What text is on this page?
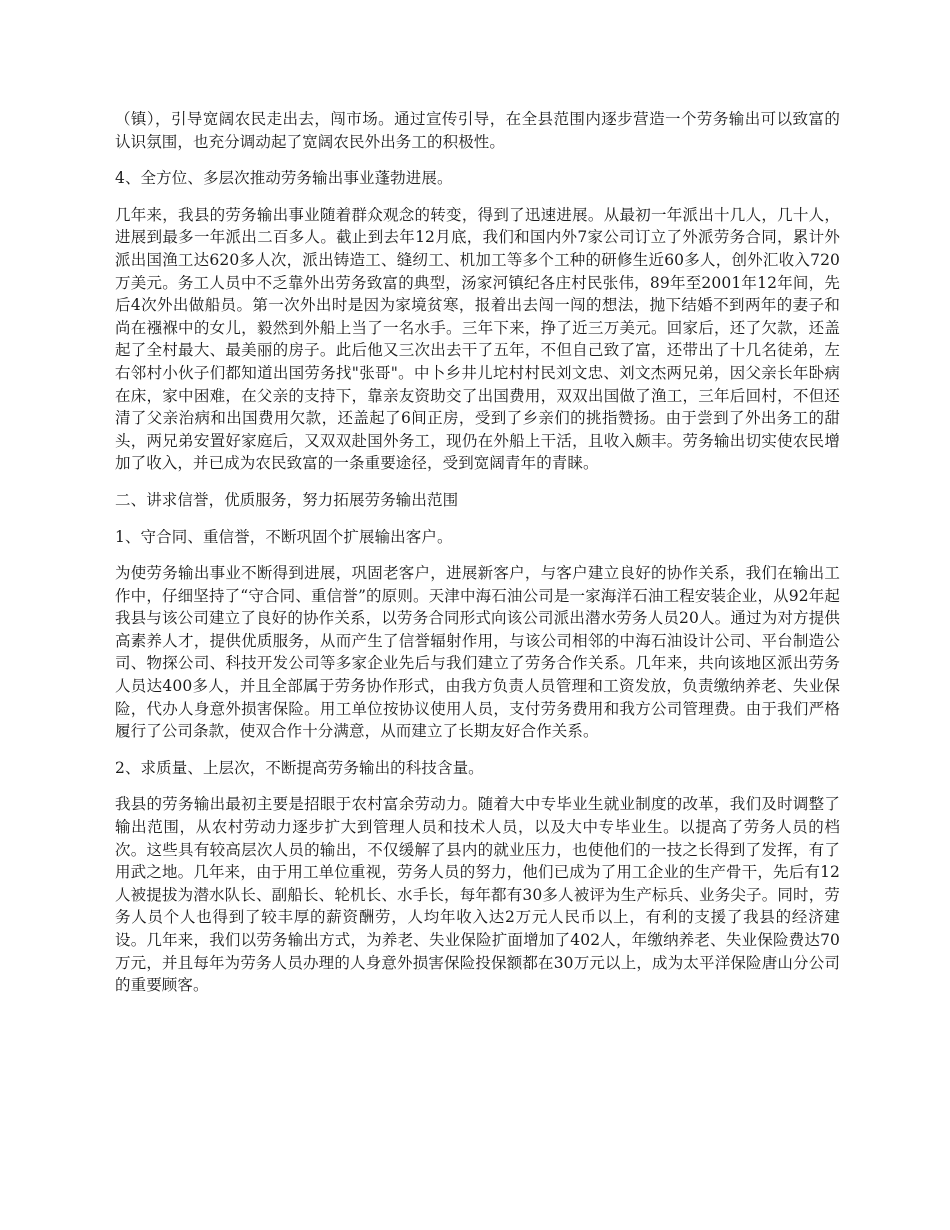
（镇），引导宽阔农民走出去，闯市场。通过宣传引导，在全县范围内逐步营造一个劳务输出可以致富的认识氛围，也充分调动起了宽阔农民外出务工的积极性。

4、全方位、多层次推动劳务输出事业蓬勃进展。

几年来，我县的劳务输出事业随着群众观念的转变，得到了迅速进展。从最初一年派出十几人，几十人，进展到最多一年派出二百多人。截止到去年12月底，我们和国内外7家公司订立了外派劳务合同，累计外派出国渔工达620多人次，派出铸造工、缝纫工、机加工等多个工种的研修生近60多人，创外汇收入720万美元。务工人员中不乏靠外出劳务致富的典型，汤家河镇纪各庄村民张伟，89年至2001年12年间，先后4次外出做船员。第一次外出时是因为家境贫寒，报着出去闯一闯的想法，抛下结婚不到两年的妻子和尚在襁褓中的女儿，毅然到外船上当了一名水手。三年下来，挣了近三万美元。回家后，还了欠款，还盖起了全村最大、最美丽的房子。此后他又三次出去干了五年，不但自己致了富，还带出了十几名徒弟，左右邻村小伙子们都知道出国劳务找"张哥"。中卜乡井儿坨村村民刘文忠、刘文杰两兄弟，因父亲长年卧病在床，家中困难，在父亲的支持下，靠亲友资助交了出国费用，双双出国做了渔工，三年后回村，不但还清了父亲治病和出国费用欠款，还盖起了6间正房，受到了乡亲们的挑指赞扬。由于尝到了外出务工的甜头，两兄弟安置好家庭后，又双双赴国外务工，现仍在外船上干活，且收入颇丰。劳务输出切实使农民增加了收入，并已成为农民致富的一条重要途径，受到宽阔青年的青睐。

二、讲求信誉，优质服务，努力拓展劳务输出范围

1、守合同、重信誉，不断巩固个扩展输出客户。

为使劳务输出事业不断得到进展，巩固老客户，进展新客户，与客户建立良好的协作关系，我们在输出工作中，仔细坚持了“守合同、重信誉”的原则。天津中海石油公司是一家海洋石油工程安装企业，从92年起我县与该公司建立了良好的协作关系，以劳务合同形式向该公司派出潜水劳务人员20人。通过为对方提供高素养人才，提供优质服务，从而产生了信誉辐射作用，与该公司相邻的中海石油设计公司、平台制造公司、物探公司、科技开发公司等多家企业先后与我们建立了劳务合作关系。几年来，共向该地区派出劳务人员达400多人，并且全部属于劳务协作形式，由我方负责人员管理和工资发放，负责缴纳养老、失业保险，代办人身意外损害保险。用工单位按协议使用人员，支付劳务费用和我方公司管理费。由于我们严格履行了公司条款，使双合作十分满意，从而建立了长期友好合作关系。

2、求质量、上层次，不断提高劳务输出的科技含量。

我县的劳务输出最初主要是招眼于农村富余劳动力。随着大中专毕业生就业制度的改革，我们及时调整了输出范围，从农村劳动力逐步扩大到管理人员和技术人员，以及大中专毕业生。以提高了劳务人员的档次。这些具有较高层次人员的输出，不仅缓解了县内的就业压力，也使他们的一技之长得到了发挥，有了用武之地。几年来，由于用工单位重视，劳务人员的努力，他们已成为了用工企业的生产骨干，先后有12人被提拔为潜水队长、副船长、轮机长、水手长，每年都有30多人被评为生产标兵、业务尖子。同时，劳务人员个人也得到了较丰厚的薪资酬劳，人均年收入达2万元人民币以上，有利的支援了我县的经济建设。几年来，我们以劳务输出方式，为养老、失业保险扩面增加了402人，年缴纳养老、失业保险费达70万元，并且每年为劳务人员办理的人身意外损害保险投保额都在30万元以上，成为太平洋保险唐山分公司的重要顾客。
